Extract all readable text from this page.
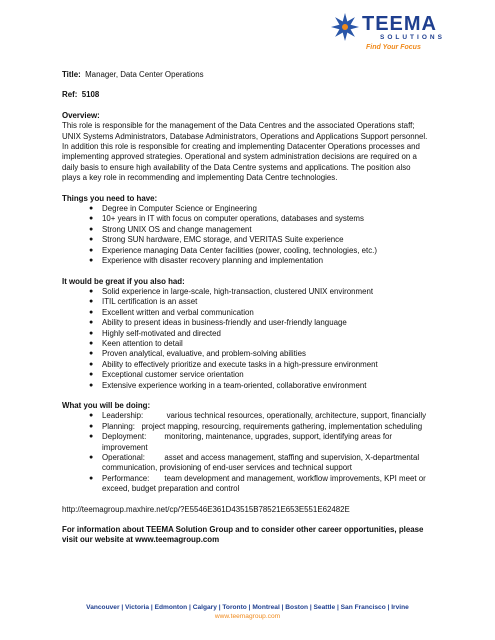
TEEMA
SOLUTIONS
Find Your Focus

Title: Manager, Data Center Operations

Ref: 5108

Overview:

This role is responsible for the management of the Data Centres and the associated Operations staff;
UNIX Systems Administrators, Database Administrators, Operations and Applications Support personnel.
In addition this role is responsible for creating and implementing Datacenter Operations processes and
implementing approved strategies. Operational and system administration decisions are required on a
daily basis to ensure high availability of the Data Centre systems and applications. The position also
plays a key role in recommending and implementing Data Centre technologies.

Things you need to have:

● Degree in Computer Science or Engineering
● 10+ years in IT with focus on computer operations, databases and systems
● Strong UNIX OS and change management
● Strong SUN hardware, EMC storage, and VERITAS Suite experience
● Experience managing Data Center facilities (power, cooling, technologies, etc.)
● Experience with disaster recovery planning and implementation

It would be great if you also had:

● Solid experience in large-scale, high-transaction, clustered UNIX environment
● ITIL certification is an asset
● Excellent written and verbal communication
● Ability to present ideas in business-friendly and user-friendly language
● Highly self-motivated and directed
● Keen attention to detail
● Proven analytical, evaluative, and problem-solving abilities
● Ability to effectively prioritize and execute tasks in a high-pressure environment
● Exceptional customer service orientation
● Extensive experience working in a team-oriented, collaborative environment

What you will be doing:

● Leadership:	various technical resources, operationally, architecture, support, financially
● Planning: project mapping, resourcing, requirements gathering, implementation scheduling
● Deployment: monitoring, maintenance, upgrades, support, identifying areas for
improvement
● Operational: asset and access management, staffing and supervision, X-departmental
communication, provisioning of end-user services and technical support
● Performance: team development and management, workflow improvements, KPI meet or
exceed, budget preparation and control

http://teemagroup.maxhire.net/cp/?E5546E361D43515B78521E653E551E62482E

For information about TEEMA Solution Group and to consider other career opportunities, please
visit our website at www.teemagroup.com
Vancouver | Victoria | Edmonton | Calgary | Toronto | Montreal | Boston | Seattle | San Francisco | Irvine
www.teemagroup.com
